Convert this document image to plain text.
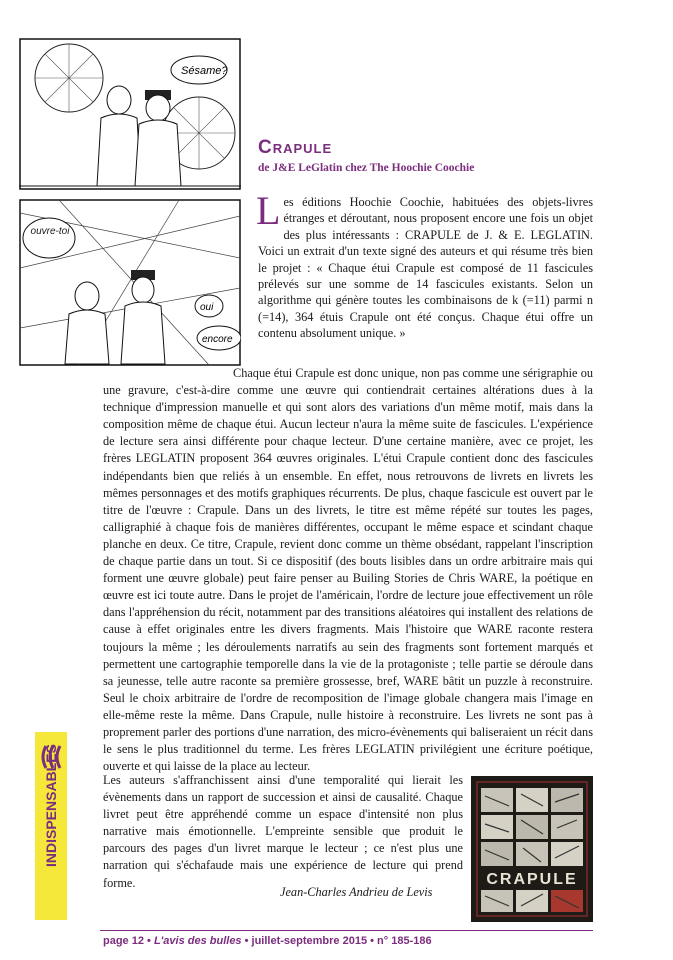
Sésame?
ouvre-toi
oui
encore
Crapule

de J&E LeGlatin chez The Hoochie Coochie

Les éditions Hoochie Coochie, habituées des objets-livres étranges et déroutant, nous proposent encore une fois un objet des plus intéressants : CRAPULE de J. & E. LEGLATIN. Voici un extrait d'un texte signé des auteurs et qui résume très bien le projet : « Chaque étui Crapule est composé de 11 fascicules prélevés sur une somme de 14 fascicules existants. Selon un algorithme qui génère toutes les combinaisons de k (=11) parmi n (=14), 364 étuis Crapule ont été conçus. Chaque étui offre un contenu absolument unique. »

Chaque étui Crapule est donc unique, non pas comme une sérigraphie ou une gravure, c'est-à-dire comme une œuvre qui contiendrait certaines altérations dues à la technique d'impression manuelle et qui sont alors des variations d'un même motif, mais dans la composition même de chaque étui. Aucun lecteur n'aura la même suite de fascicules. L'expérience de lecture sera ainsi différente pour chaque lecteur. D'une certaine manière, avec ce projet, les frères LEGLATIN proposent 364 œuvres originales. L'étui Crapule contient donc des fascicules indépendants bien que reliés à un ensemble. En effet, nous retrouvons de livrets en livrets les mêmes personnages et des motifs graphiques récurrents. De plus, chaque fascicule est ouvert par le titre de l'œuvre : Crapule. Dans un des livrets, le titre est même répété sur toutes les pages, calligraphié à chaque fois de manières différentes, occupant le même espace et scindant chaque planche en deux. Ce titre, Crapule, revient donc comme un thème obsédant, rappelant l'inscription de chaque partie dans un tout. Si ce dispositif (des bouts lisibles dans un ordre arbitraire mais qui forment une œuvre globale) peut faire penser au Builing Stories de Chris WARE, la poétique en œuvre est ici toute autre. Dans le projet de l'américain, l'ordre de lecture joue effectivement un rôle dans l'appréhension du récit, notamment par des transitions aléatoires qui installent des relations de cause à effet originales entre les divers fragments. Mais l'histoire que WARE raconte restera toujours la même ; les déroulements narratifs au sein des fragments sont fortement marqués et permettent une cartographie temporelle dans la vie de la protagoniste ; telle partie se déroule dans sa jeunesse, telle autre raconte sa première grossesse, bref, WARE bâtit un puzzle à reconstruire. Seul le choix arbitraire de l'ordre de recomposition de l'image globale changera mais l'image en elle-même reste la même. Dans Crapule, nulle histoire à reconstruire. Les livrets ne sont pas à proprement parler des portions d'une narration, des micro-évènements qui baliseraient un récit dans le sens le plus traditionnel du terme. Les frères LEGLATIN privilégient une écriture poétique, ouverte et qui laisse de la place au lecteur.

Les auteurs s'affranchissent ainsi d'une temporalité qui lierait les évènements dans un rapport de succession et ainsi de causalité. Chaque livret peut être appréhendé comme un espace d'intensité non plus narrative mais émotionnelle. L'empreinte sensible que produit le parcours des pages d'un livret marque le lecteur ; ce n'est plus une narration qui s'échafaude mais une expérience de lecture qui prend forme.

Jean-Charles Andrieu de Levis

CRAPULE
INDISPENSABLES

page 12 • L'avis des bulles • juillet-septembre 2015 • n° 185-186
